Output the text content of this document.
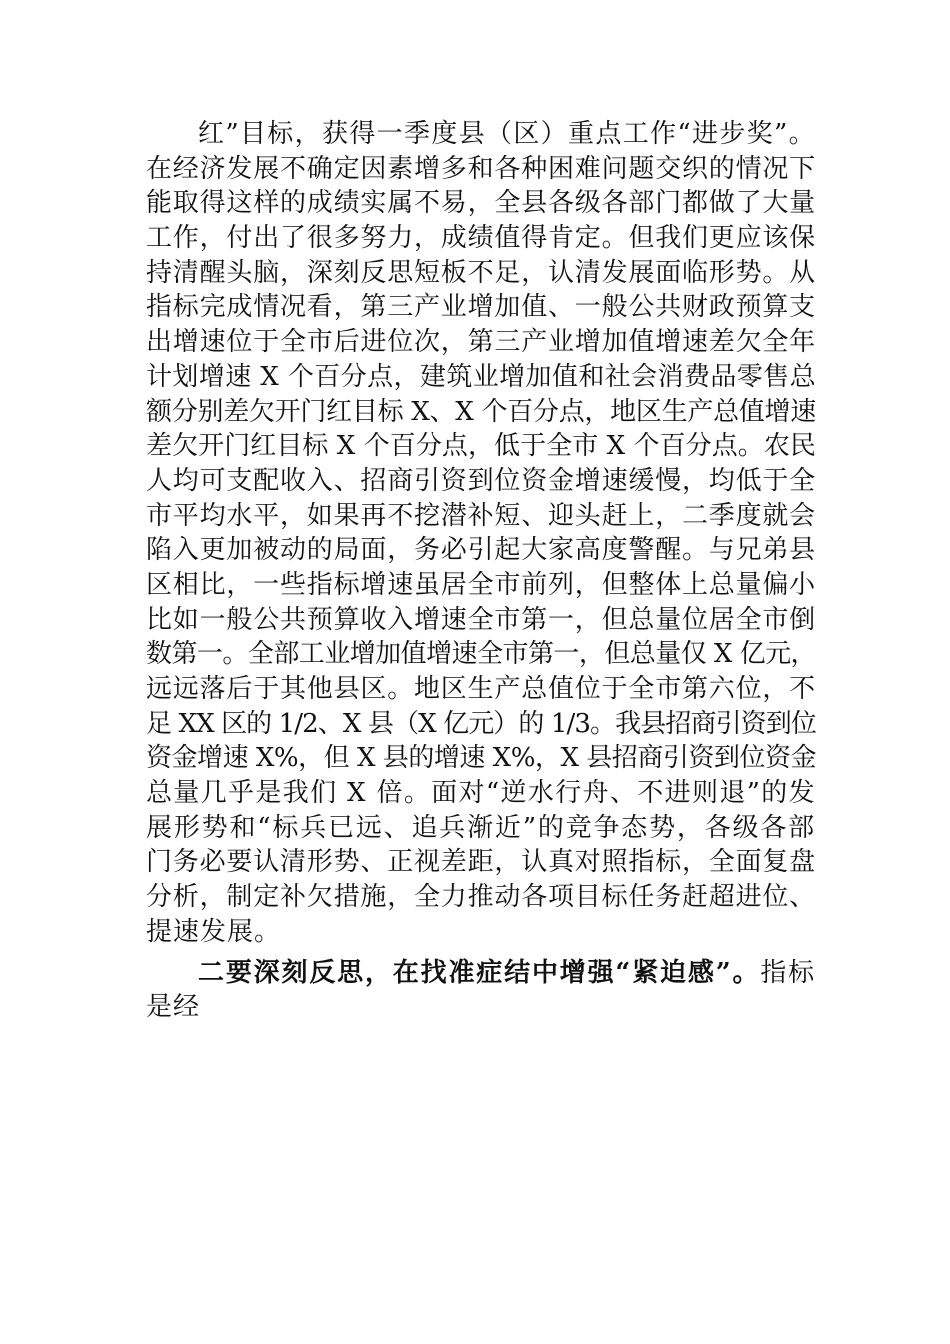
红”目标，获得一季度县（区）重点工作“进步奖”。
在经济发展不确定因素增多和各种困难问题交织的情况下
能取得这样的成绩实属不易，全县各级各部门都做了大量
工作，付出了很多努力，成绩值得肯定。但我们更应该保
持清醒头脑，深刻反思短板不足，认清发展面临形势。从
指标完成情况看，第三产业增加值、一般公共财政预算支
出增速位于全市后进位次，第三产业增加值增速差欠全年
计划增速 X 个百分点，建筑业增加值和社会消费品零售总
额分别差欠开门红目标 X、X 个百分点，地区生产总值增速
差欠开门红目标 X 个百分点，低于全市 X 个百分点。农民
人均可支配收入、招商引资到位资金增速缓慢，均低于全
市平均水平，如果再不挖潜补短、迎头赶上，二季度就会
陷入更加被动的局面，务必引起大家高度警醒。与兄弟县
区相比，一些指标增速虽居全市前列，但整体上总量偏小
比如一般公共预算收入增速全市第一，但总量位居全市倒
数第一。全部工业增加值增速全市第一，但总量仅 X 亿元，
远远落后于其他县区。地区生产总值位于全市第六位，不
足 XX 区的 1/2、X 县（X 亿元）的 1/3。我县招商引资到位
资金增速 X%，但 X 县的增速 X%，X 县招商引资到位资金
总量几乎是我们 X 倍。面对“逆水行舟、不进则退”的发
展形势和“标兵已远、追兵渐近”的竞争态势，各级各部
门务必要认清形势、正视差距，认真对照指标，全面复盘
分析，制定补欠措施，全力推动各项目标任务赶超进位、
提速发展。
二要深刻反思，在找准症结中增强“紧迫感”。指标
是经
